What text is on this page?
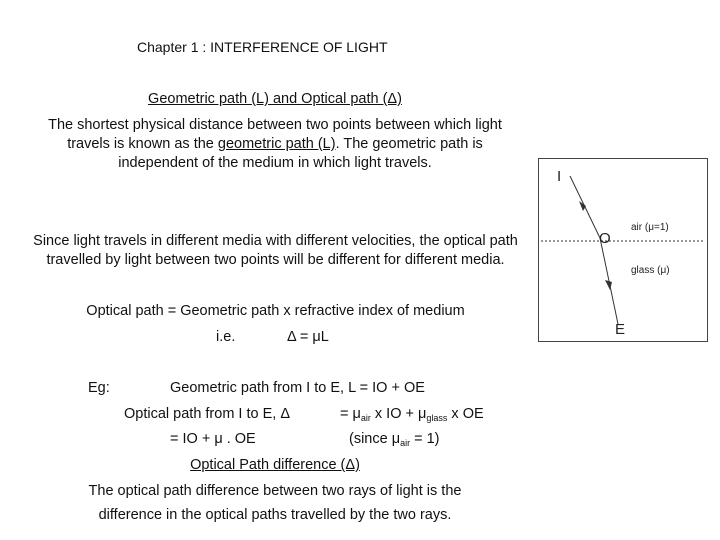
Chapter 1 : INTERFERENCE OF LIGHT
Geometric path (L) and Optical path (Δ)
The shortest physical distance between two points between which light travels is known as the geometric path (L). The geometric path is independent of the medium in which light travels.
Since light travels in different media with different velocities, the optical path travelled by light between two points will be different for different media.
Optical path = Geometric path x refractive index of medium
i.e.	Δ = μL
Eg:	Geometric path from I to E, L = IO + OE
Optical path from I to E, Δ	= $\mu_{air}$ x IO + $\mu_{glass}$ x OE
= IO + μ . OE	(since $\mu_{air} = 1$)
Optical Path difference (Δ)
The optical path difference between two rays of light is the
difference in the optical paths travelled by the two rays.
I
O
E
air (μ=1)
glass (μ)
